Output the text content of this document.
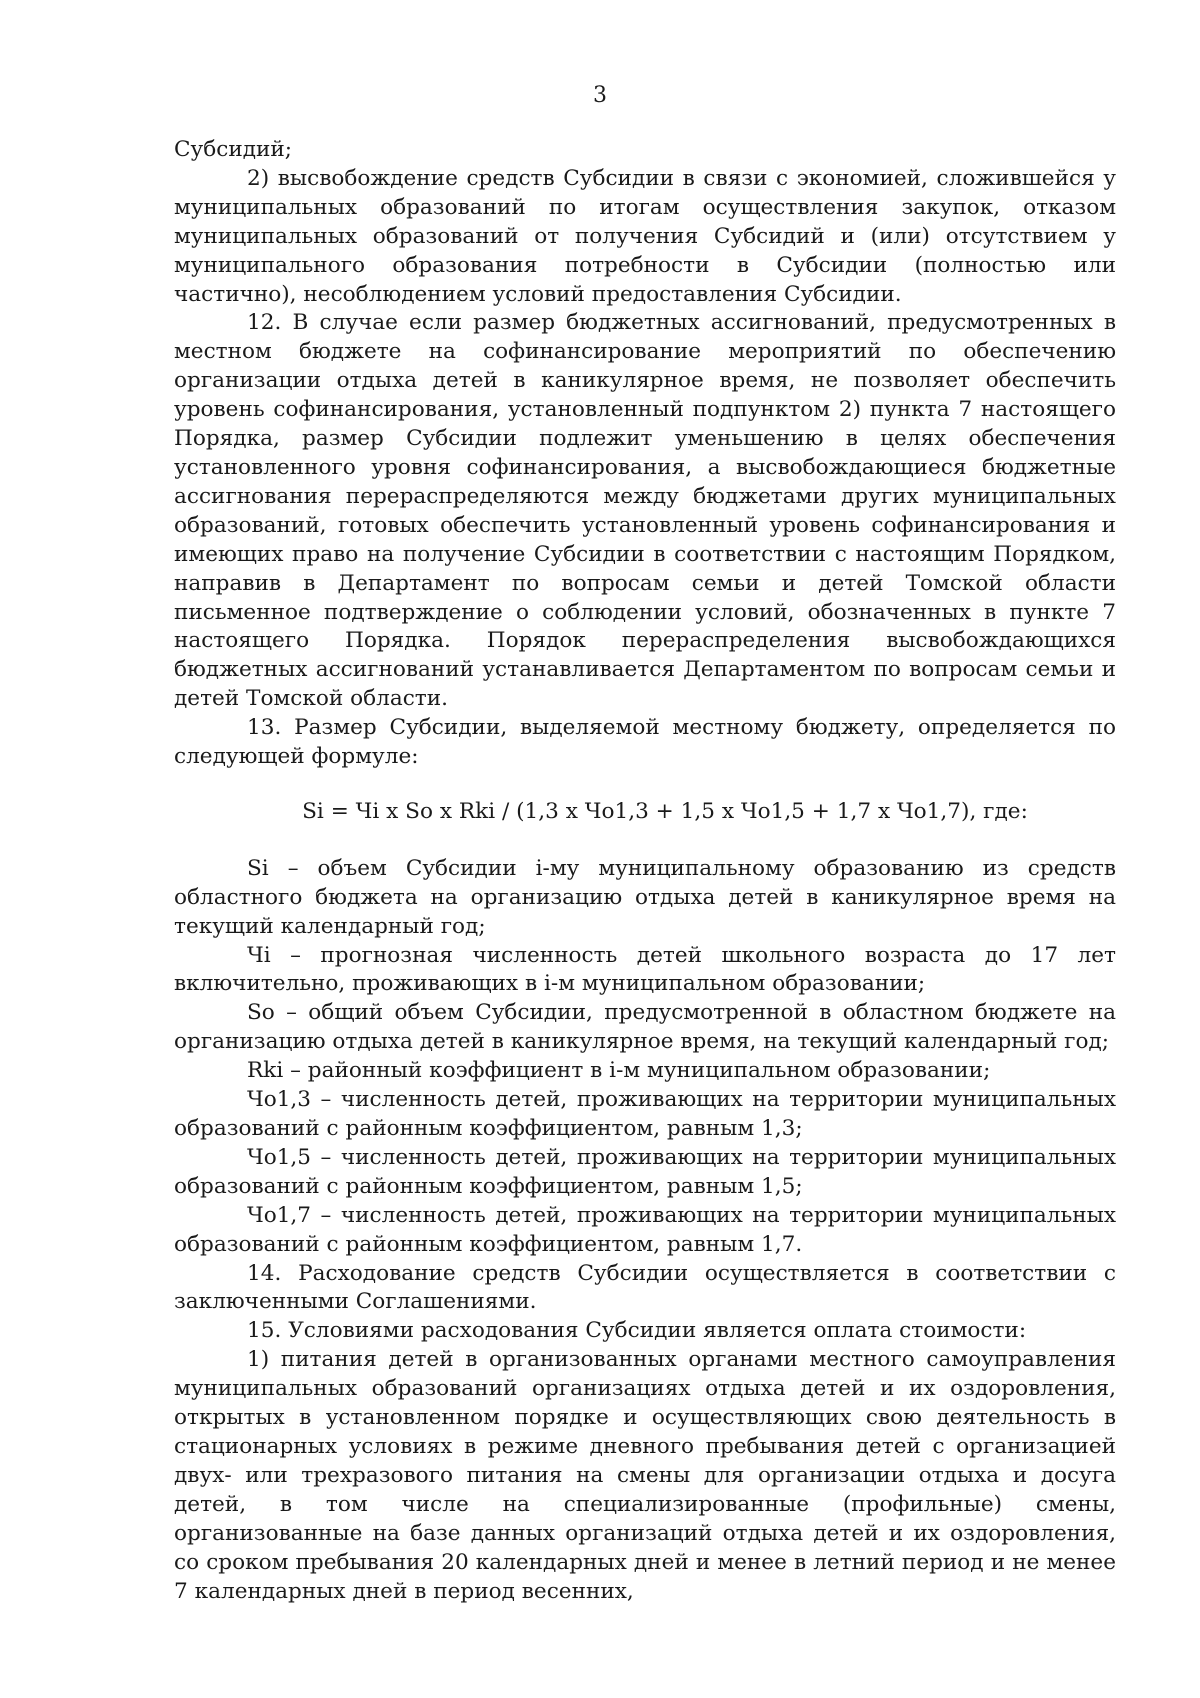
3

Субсидий;

2) высвобождение средств Субсидии в связи с экономией, сложившейся у муниципальных образований по итогам осуществления закупок, отказом муниципальных образований от получения Субсидий и (или) отсутствием у муниципального образования потребности в Субсидии (полностью или частично), несоблюдением условий предоставления Субсидии.

12. В случае если размер бюджетных ассигнований, предусмотренных в местном бюджете на софинансирование мероприятий по обеспечению организации отдыха детей в каникулярное время, не позволяет обеспечить уровень софинансирования, установленный подпунктом 2) пункта 7 настоящего Порядка, размер Субсидии подлежит уменьшению в целях обеспечения установленного уровня софинансирования, а высвобождающиеся бюджетные ассигнования перераспределяются между бюджетами других муниципальных образований, готовых обеспечить установленный уровень софинансирования и имеющих право на получение Субсидии в соответствии с настоящим Порядком, направив в Департамент по вопросам семьи и детей Томской области письменное подтверждение о соблюдении условий, обозначенных в пункте 7 настоящего Порядка. Порядок перераспределения высвобождающихся бюджетных ассигнований устанавливается Департаментом по вопросам семьи и детей Томской области.

13. Размер Субсидии, выделяемой местному бюджету, определяется по следующей формуле:

Si = Чi x So x Rki / (1,3 x Чо1,3 + 1,5 x Чо1,5 + 1,7 x Чо1,7), где:

Si – объем Субсидии i-му муниципальному образованию из средств областного бюджета на организацию отдыха детей в каникулярное время на текущий календарный год;

Чi – прогнозная численность детей школьного возраста до 17 лет включительно, проживающих в i-м муниципальном образовании;

So – общий объем Субсидии, предусмотренной в областном бюджете на организацию отдыха детей в каникулярное время, на текущий календарный год;

Rki – районный коэффициент в i-м муниципальном образовании;

Чо1,3 – численность детей, проживающих на территории муниципальных образований с районным коэффициентом, равным 1,3;

Чо1,5 – численность детей, проживающих на территории муниципальных образований с районным коэффициентом, равным 1,5;

Чо1,7 – численность детей, проживающих на территории муниципальных образований с районным коэффициентом, равным 1,7.

14. Расходование средств Субсидии осуществляется в соответствии с заключенными Соглашениями.

15. Условиями расходования Субсидии является оплата стоимости:

1) питания детей в организованных органами местного самоуправления муниципальных образований организациях отдыха детей и их оздоровления, открытых в установленном порядке и осуществляющих свою деятельность в стационарных условиях в режиме дневного пребывания детей с организацией двух- или трехразового питания на смены для организации отдыха и досуга детей, в том числе на специализированные (профильные) смены, организованные на базе данных организаций отдыха детей и их оздоровления, со сроком пребывания 20 календарных дней и менее в летний период и не менее 7 календарных дней в период весенних,
